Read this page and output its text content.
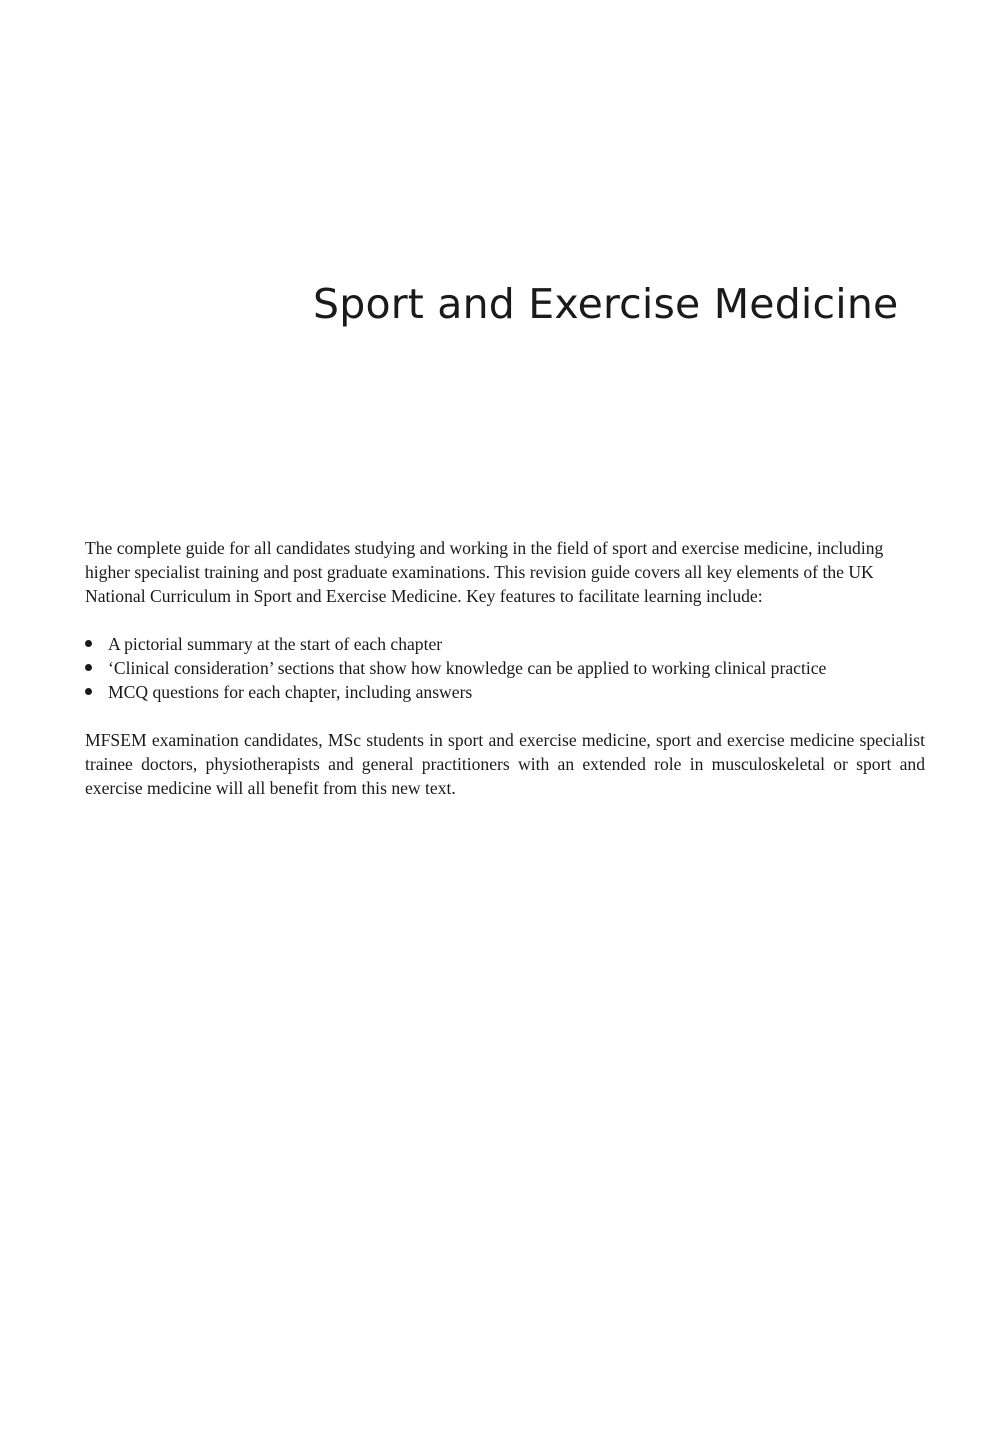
Sport and Exercise Medicine

The complete guide for all candidates studying and working in the field of sport and exercise medicine, including higher specialist training and post graduate examinations. This revision guide covers all key elements of the UK National Curriculum in Sport and Exercise Medicine. Key features to facilitate learning include:

A pictorial summary at the start of each chapter
‘Clinical consideration’ sections that show how knowledge can be applied to working clinical practice
MCQ questions for each chapter, including answers

MFSEM examination candidates, MSc students in sport and exercise medicine, sport and exercise medicine specialist trainee doctors, physiotherapists and general practitioners with an extended role in musculoskeletal or sport and exercise medicine will all benefit from this new text.
